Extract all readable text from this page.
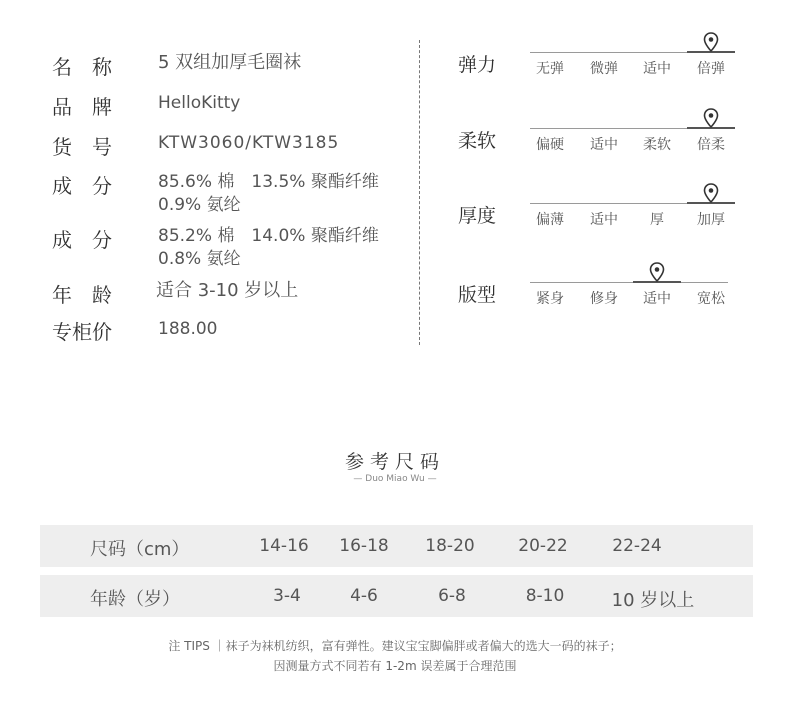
名　称	5 双组加厚毛圈袜
品　牌	HelloKitty
货　号	KTW3060/KTW3185
成　分	85.6% 棉　13.5% 聚酯纤维
0.9% 氨纶
成　分	85.2% 棉　14.0% 聚酯纤维
0.8% 氨纶
年　龄 适合 3-10 岁以上
专柜价	188.00
弹力	无弹	微弹	适中	倍弹
柔软	偏硬	适中	柔软	倍柔
厚度	偏薄	适中	厚	加厚
版型	紧身	修身	适中	宽松
参考尺码
— Duo Miao Wu —
尺码（cm）	14-16	16-18	18-20	20-22	22-24
年龄（岁）	3-4	4-6	6-8	8-10	10 岁以上
注 TIPS ｜袜子为袜机纺织，富有弹性。建议宝宝脚偏胖或者偏大的选大一码的袜子；
因测量方式不同若有 1-2m 误差属于合理范围
